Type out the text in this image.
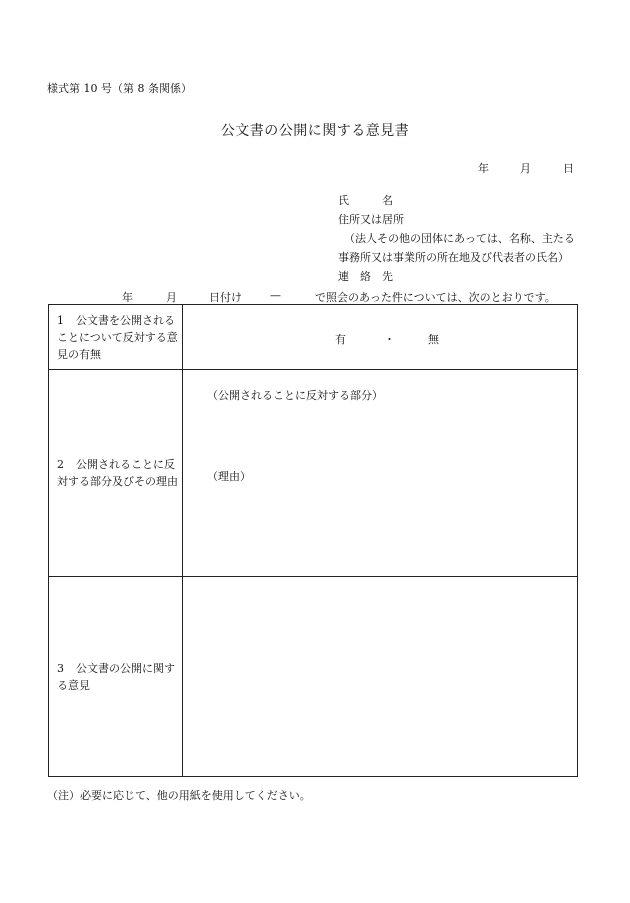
様式第 10 号（第 8 条関係）
公文書の公開に関する意見書
年	月	日
氏　　　名
住所又は居所
（法人その他の団体にあっては、名称、主たる
事務所又は事業所の所在地及び代表者の氏名）
連　絡　先
年	月	日付け	—	で照会のあった件については、次のとおりです。
1 公文書を公開されることについて反対する意見の有無	有 ・ 無

2 公開されることに反対する部分及びその理由	（公開されることに反対する部分）
（理由）

3 公文書の公開に関する意見	
（注）必要に応じて、他の用紙を使用してください。
